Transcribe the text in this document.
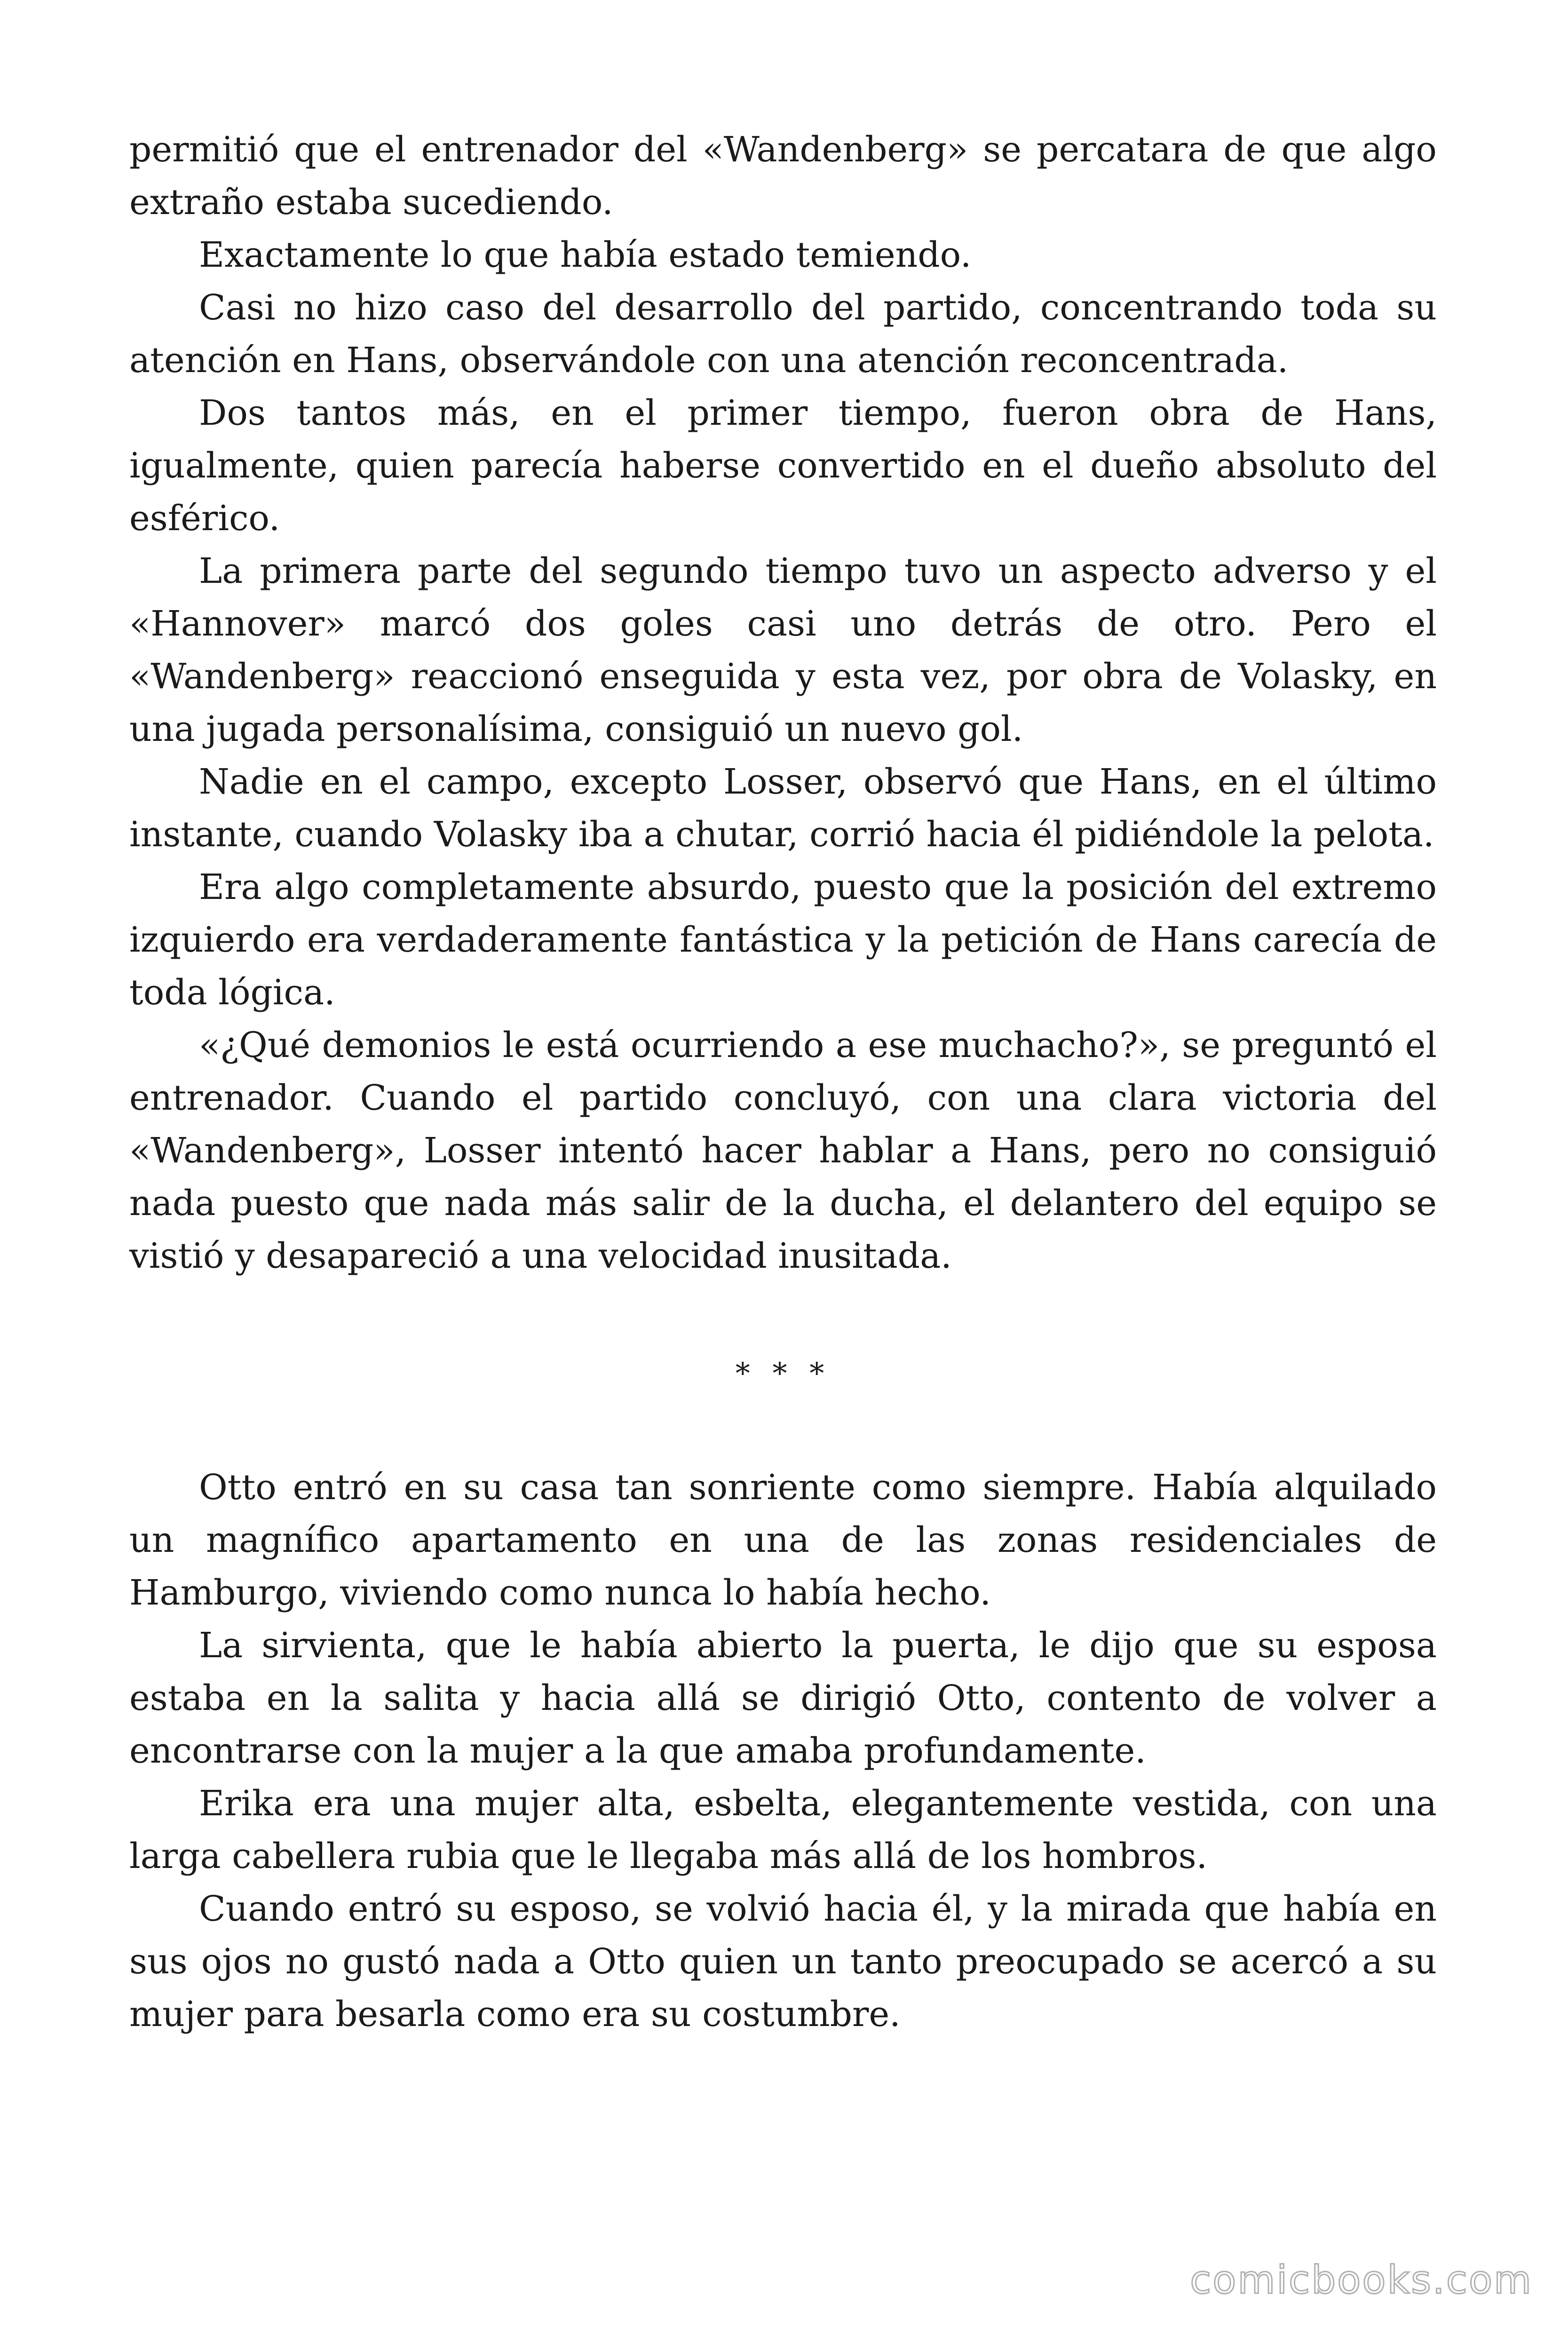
permitió que el entrenador del «Wandenberg» se percatara de que algo extraño estaba sucediendo.

Exactamente lo que había estado temiendo.

Casi no hizo caso del desarrollo del partido, concentrando toda su atención en Hans, observándole con una atención reconcentrada.

Dos tantos más, en el primer tiempo, fueron obra de Hans, igualmente, quien parecía haberse convertido en el dueño absoluto del esférico.

La primera parte del segundo tiempo tuvo un aspecto adverso y el «Hannover» marcó dos goles casi uno detrás de otro. Pero el «Wandenberg» reaccionó enseguida y esta vez, por obra de Volasky, en una jugada personalísima, consiguió un nuevo gol.

Nadie en el campo, excepto Losser, observó que Hans, en el último instante, cuando Volasky iba a chutar, corrió hacia él pidiéndole la pelota.

Era algo completamente absurdo, puesto que la posición del extremo izquierdo era verdaderamente fantástica y la petición de Hans carecía de toda lógica.

«¿Qué demonios le está ocurriendo a ese muchacho?», se preguntó el entrenador. Cuando el partido concluyó, con una clara victoria del «Wandenberg», Losser intentó hacer hablar a Hans, pero no consiguió nada puesto que nada más salir de la ducha, el delantero del equipo se vistió y desapareció a una velocidad inusitada.

* * *

Otto entró en su casa tan sonriente como siempre. Había alquilado un magnífico apartamento en una de las zonas residenciales de Hamburgo, viviendo como nunca lo había hecho.

La sirvienta, que le había abierto la puerta, le dijo que su esposa estaba en la salita y hacia allá se dirigió Otto, contento de volver a encontrarse con la mujer a la que amaba profundamente.

Erika era una mujer alta, esbelta, elegantemente vestida, con una larga cabellera rubia que le llegaba más allá de los hombros.

Cuando entró su esposo, se volvió hacia él, y la mirada que había en sus ojos no gustó nada a Otto quien un tanto preocupado se acercó a su mujer para besarla como era su costumbre.

comicbooks.com
